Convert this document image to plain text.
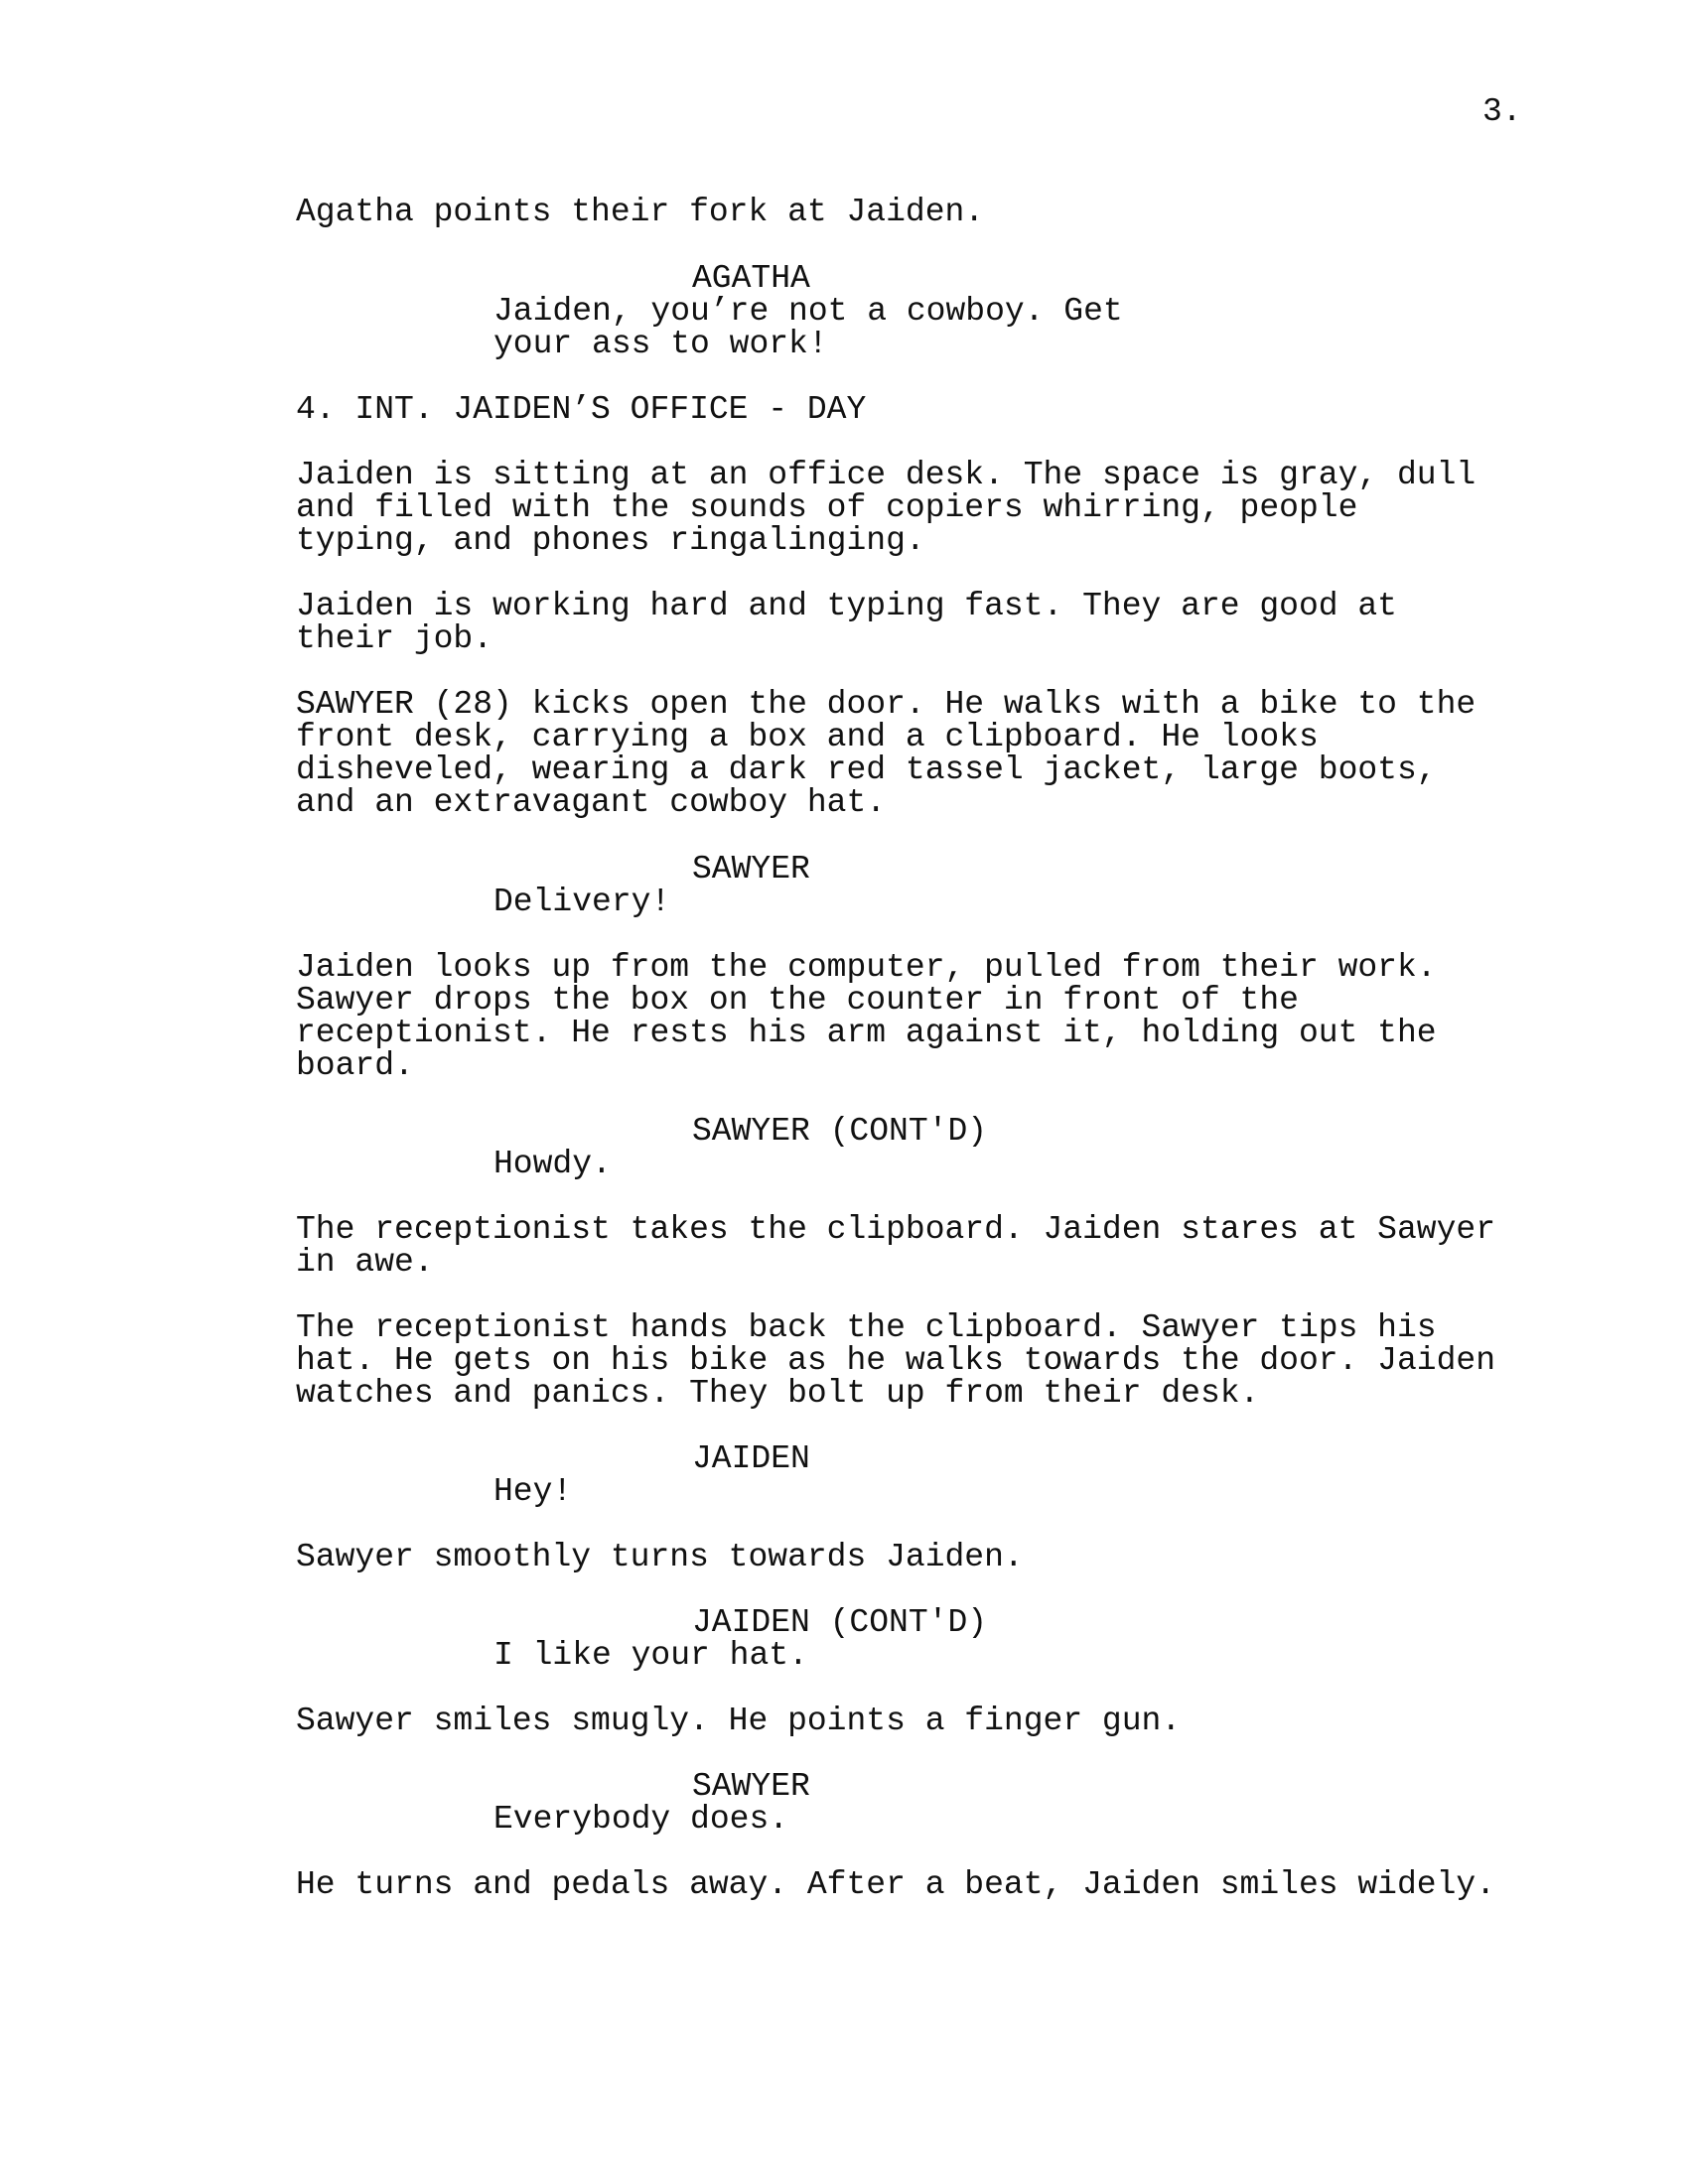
3.

Agatha points their fork at Jaiden.

AGATHA

Jaiden, you’re not a cowboy. Get

your ass to work!

4. INT. JAIDEN’S OFFICE - DAY

Jaiden is sitting at an office desk. The space is gray, dull

and filled with the sounds of copiers whirring, people

typing, and phones ringalinging.

Jaiden is working hard and typing fast. They are good at

their job.

SAWYER (28) kicks open the door. He walks with a bike to the

front desk, carrying a box and a clipboard. He looks

disheveled, wearing a dark red tassel jacket, large boots,

and an extravagant cowboy hat.

SAWYER

Delivery!

Jaiden looks up from the computer, pulled from their work.

Sawyer drops the box on the counter in front of the

receptionist. He rests his arm against it, holding out the

board.

SAWYER (CONT'D)

Howdy.

The receptionist takes the clipboard. Jaiden stares at Sawyer

in awe.

The receptionist hands back the clipboard. Sawyer tips his

hat. He gets on his bike as he walks towards the door. Jaiden

watches and panics. They bolt up from their desk.

JAIDEN

Hey!

Sawyer smoothly turns towards Jaiden.

JAIDEN (CONT'D)

I like your hat.

Sawyer smiles smugly. He points a finger gun.

SAWYER

Everybody does.

He turns and pedals away. After a beat, Jaiden smiles widely.
